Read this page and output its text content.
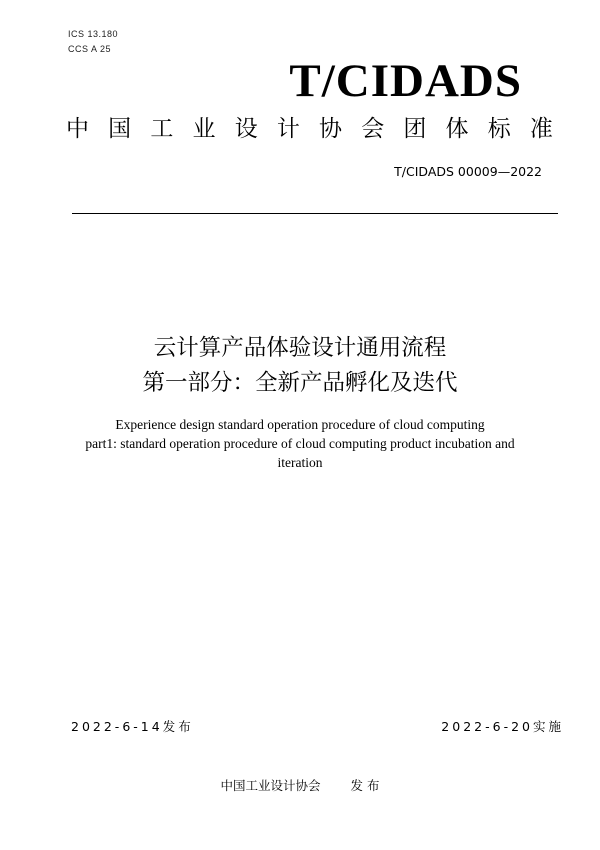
ICS 13.180
CCS A 25
T/CIDADS
中 国 工 业 设 计 协 会 团 体 标 准
T/CIDADS 00009—2022
云计算产品体验设计通用流程
第一部分：全新产品孵化及迭代
Experience design standard operation procedure of cloud computing
part1: standard operation procedure of cloud computing product incubation and
iteration
2022-6-14发布	2022-6-20实施
中国工业设计协会 发 布
